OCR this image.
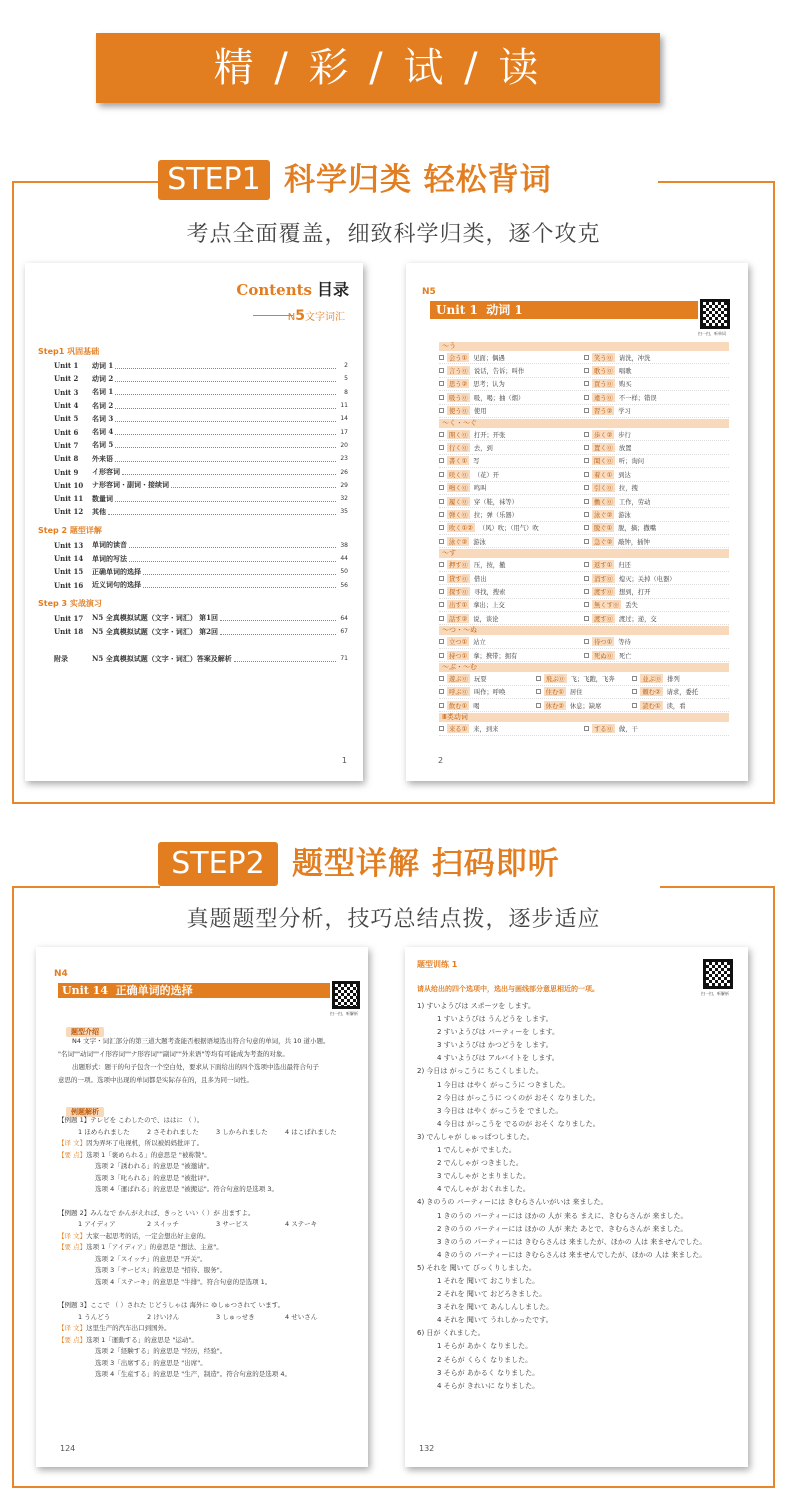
精 / 彩 / 试 / 读
STEP1 科学归类 轻松背词
考点全面覆盖，细致科学归类，逐个攻克
Contents 目录
N5文字词汇
Step1 巩固基础
Unit 1	动词 1	2
Unit 2	动词 2	5
Unit 3	名词 1	8
Unit 4	名词 2	11
Unit 5	名词 3	14
Unit 6	名词 4	17
Unit 7	名词 5	20
Unit 8	外来语	23
Unit 9	イ形容词	26
Unit 10	ナ形容词・副词・接续词	29
Unit 11	数量词	32
Unit 12	其他	35
Step 2 题型详解
Unit 13	单词的读音	38
Unit 14	单词的写法	44
Unit 15	正确单词的选择	50
Unit 16	近义词句的选择	56
Step 3 实战演习
Unit 17	N5 全真模拟试题（文字・词汇） 第1回	64
Unit 18	N5 全真模拟试题（文字・词汇） 第2回	67
附录	N5 全真模拟试题（文字・词汇）答案及解析	71
1
N5
Unit 1 动词 1
扫一扫，听单词
～う
会う① 见面；偶遇	笑う⓪ 请洗，冲洗
言う⓪ 说话，告诉；叫作	歌う⓪ 唱歌
思う② 思考；认为	買う⓪ 购买
吸う⓪ 吸，喝；抽（烟）	違う⓪ 不一样；错误
使う⓪ 使用	習う② 学习
～く・～ぐ
開く⓪ 打开；开张	歩く② 步行
行く⓪ 去，到	置く⓪ 放置
書く① 写	聞く⓪ 听；询问
咲く⓪ （花）开	着く① 到达
鳴く⓪ 鸣叫	引く⓪ 拉，拽
履く⓪ 穿（鞋，袜等）	働く⓪ 工作，劳动
弾く⓪ 拉；弹（乐器）	泳ぐ② 游泳
吹く①② （风）吹；（用气）吹	脱ぐ① 脱，摘；撒嘴
泳ぐ② 游泳	急ぐ② 敲钟，插钟
～す
押す⓪ 压，按，撤	返す① 归还
貸す⓪ 借出	消す⓪ 熄灭；关掉（电器）
探す⓪ 寻找，搜索	渡す⓪ 想到，打开
出す① 拿出；上交	無くす⓪ 丢失
話す② 说，谈论	渡す⓪ 渡过；递，交
～つ・～ぬ
立つ① 站立	待つ① 等待
持つ① 拿；携带；拥有	死ぬ⓪ 死亡
～ぶ・～む
遊ぶ⓪ 玩耍	飛ぶ⓪ 飞；飞跑，飞奔	並ぶ⓪ 排列
呼ぶ⓪ 叫作；呼唤	住む① 居住	頼む② 请求，委托
飲む① 喝	休む② 休息；缺席	読む① 读，看
Ⅲ类动词
来る① 来，到来	する⓪ 做，干
2
STEP2 题型详解 扫码即听
真题题型分析，技巧总结点拨，逐步适应
N4
Unit 14 正确单词的选择
扫一扫，听解析
题型介绍
N4 文字・词汇部分的第三道大题考查能否根据语境选出符合句意的单词，共 10 道小题。
"名词""动词""イ形容词""ナ形容词""副词""外来语"等均有可能成为考查的对象。
出题形式：题干的句子包含一个空白处，要求从下面给出的四个选项中选出最符合句子
意思的一项。选项中出现的单词都是实际存在的，且多为同一词性。
例题解析
【例题 1】テレビを こわしたので、ははに （ ）。
1 ほめられました	2 さそわれました	3 しかられました	4 はこばれました
【译 文】因为弄坏了电视机，所以被妈妈批评了。
【要 点】选项 1「褒められる」的意思是 "被称赞"。
选项 2「誘われる」的意思是 "被邀请"。
选项 3「叱られる」的意思是 "被批评"。
选项 4「運ばれる」的意思是 "被搬运"。符合句意的是选项 3。
【例题 2】みんなで かんがえれば、きっと いい（ ）が 出ますよ。
1 アイディア	2 スイッチ	3 サービス	4 ステーキ
【译 文】大家一起思考的话，一定会想出好主意的。
【要 点】选项 1「アイディア」的意思是 "想法、主意"。
选项 2「スイッチ」的意思是 "开关"。
选项 3「サービス」的意思是 "招待、服务"。
选项 4「ステーキ」的意思是 "牛排"。符合句意的是选项 1。
【例题 3】ここで （ ）された じどうしゃは 海外に ゆしゅつされて います。
1 うんどう	2 けいけん	3 しゅっせき	4 せいさん
【译 文】这里生产的汽车出口到国外。
【要 点】选项 1「運動する」的意思是 "运动"。
选项 2「経験する」的意思是 "经历，经验"。
选项 3「出席する」的意思是 "出席"。
选项 4「生産する」的意思是 "生产，制造"。符合句意的是选项 4。
124
题型训练 1
扫一扫，听解析
请从给出的四个选项中，选出与画线部分意思相近的一项。
1) すいようびは スポーツを します。
1 すいようびは うんどうを します。
2 すいようびは パーティーを します。
3 すいようびは かつどうを します。
4 すいようびは アルバイトを します。
2) 今日は がっこうに ちこくしました。
1 今日は はやく がっこうに つきました。
2 今日は がっこうに つくのが おそく なりました。
3 今日は はやく がっこうを でました。
4 今日は がっこうを でるのが おそく なりました。
3) でんしゃが しゅっぱつしました。
1 でんしゃが でました。
2 でんしゃが つきました。
3 でんしゃが とまりました。
4 でんしゃが おくれました。
4) きのうの パーティーには きむらさんいがいは 来ました。
1 きのうの パーティーには ほかの 人が 来る まえに、きむらさんが 来ました。
2 きのうの パーティーには ほかの 人が 来た あとで、きむらさんが 来ました。
3 きのうの パーティーには きむらさんは 来ましたが、ほかの 人は 来ませんでした。
4 きのうの パーティーには きむらさんは 来ませんでしたが、ほかの 人は 来ました。
5) それを 聞いて びっくりしました。
1 それを 聞いて おこりました。
2 それを 聞いて おどろきました。
3 それを 聞いて あんしんしました。
4 それを 聞いて うれしかったです。
6) 日が くれました。
1 そらが あかく なりました。
2 そらが くらく なりました。
3 そらが あかるく なりました。
4 そらが きれいに なりました。
132
